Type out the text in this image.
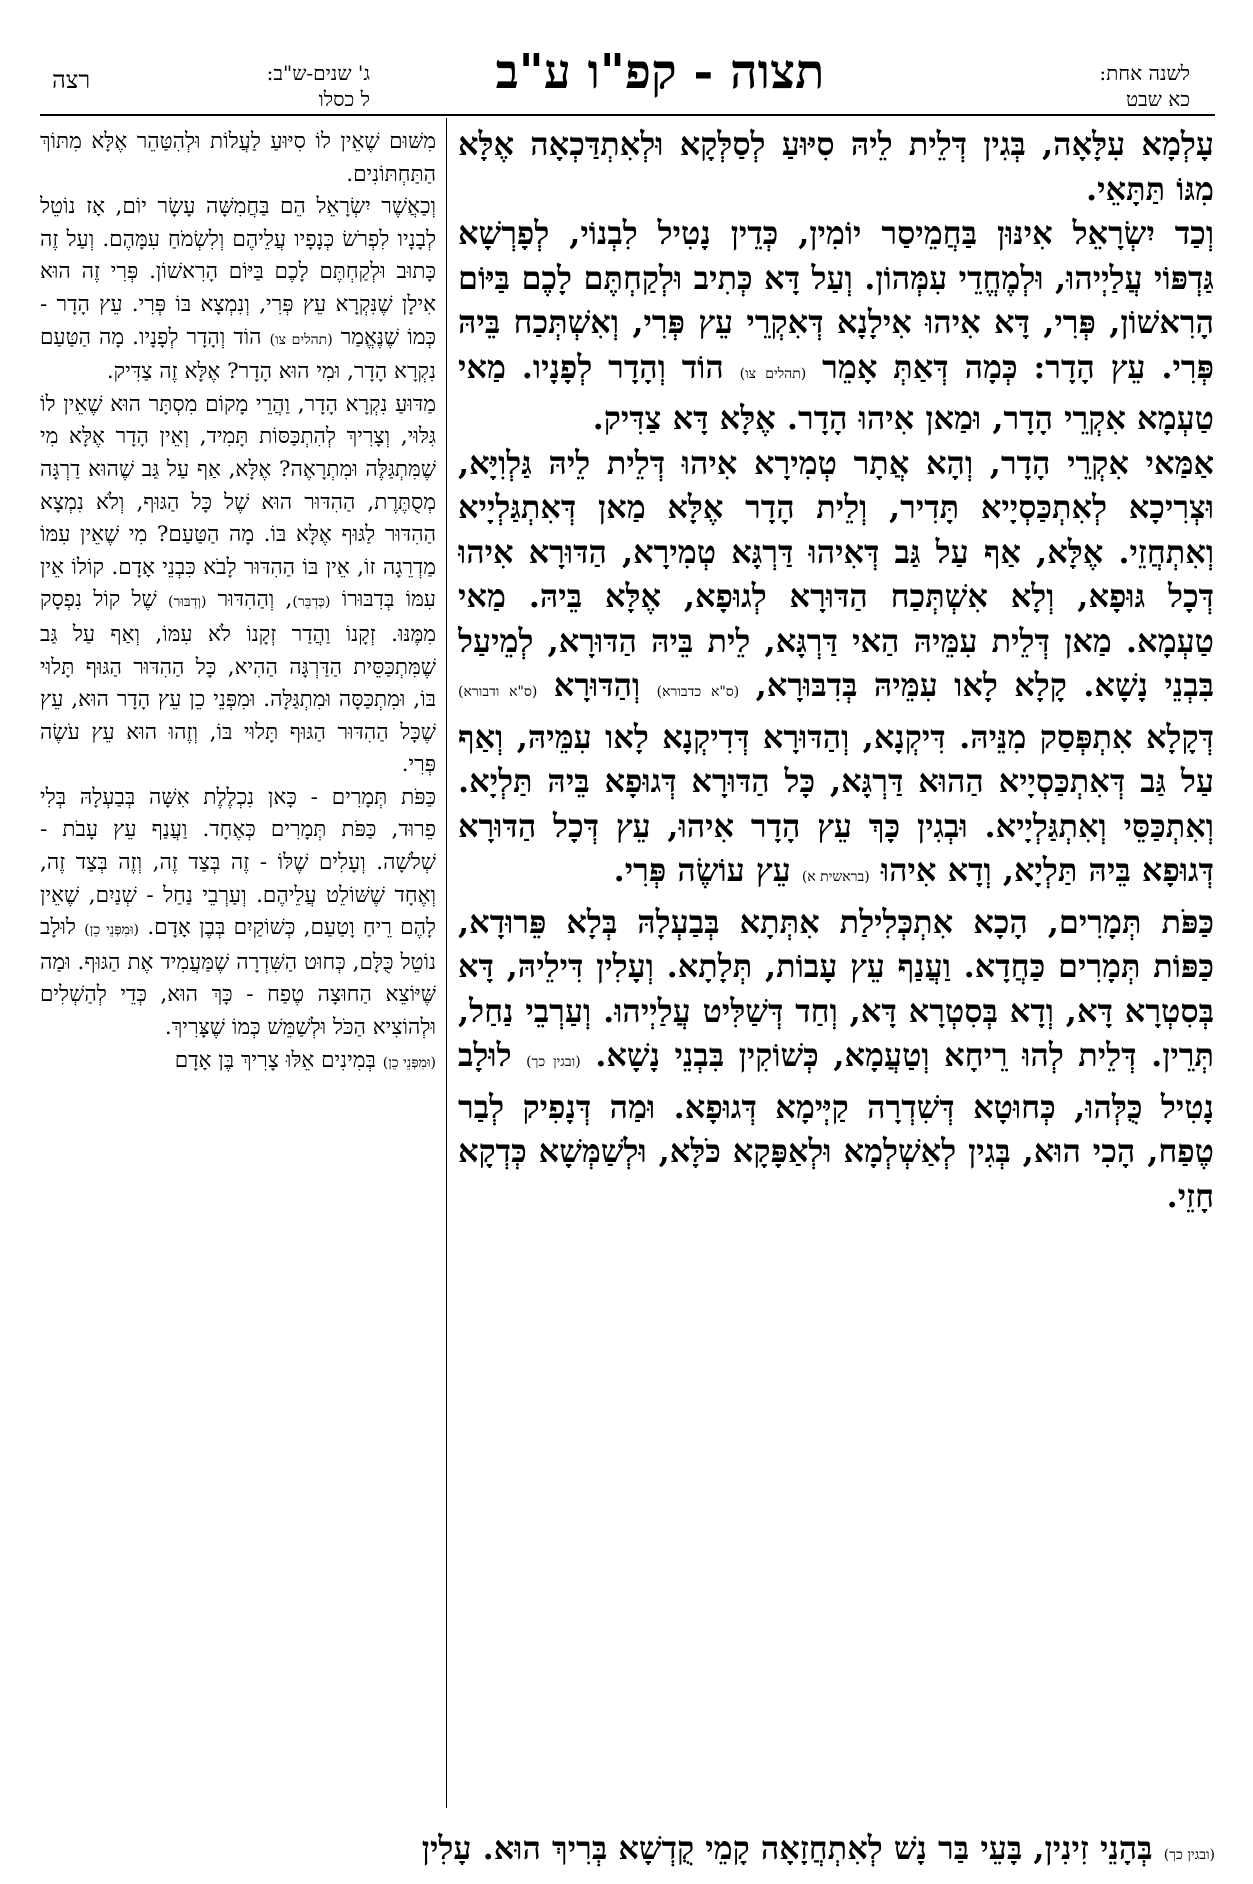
רצה	ג' שנים-ש"ב:
ל כסלו	תצוה - קפ"ו ע"ב	לשנה אחת:
כא שבט

עָלְמָא עִלָּאָה, בְּגִין דְּלֵית לֵיהּ סִיּוּעַ לְסַלְּקָא וּלְאִתְדַּכְאָה אֶלָּא מִגּוֹ תַּתָּאֵי.

וְכַד יִשְׂרָאֵל אִינּוּן בַּחֲמֵיסַר יוֹמִין, כְּדֵין נָטִיל לִבְנוֹי, לְפָרְשָׁא גַּדְפּוֹי עֲלַיְיהוּ, וּלְמֶחֱדֵי עִמְּהוֹן. וְעַל דָּא כְּתִיב וּלְקַחְתֶּם לָכֶם בַּיּוֹם הָרִאשׁוֹן, פְּרִי, דָּא אִיהוּ אִילָנָא דְּאִקְרֵי עֵץ פְּרִי, וְאִשְׁתְּכַח בֵּיהּ פְּרִי. עֵץ הָדָר: כְּמָה דְּאַתְּ אָמֵר (תהלים צו) הוֹד וְהָדָר לְפָנָיו. מַאי טַעְמָא אִקְרֵי הָדָר, וּמַאן אִיהוּ הָדָר. אֶלָּא דָּא צַדִּיק.

אַמַּאי אִקְרֵי הָדָר, וְהָא אֲתָר טְמִירָא אִיהוּ דְּלֵית לֵיהּ גַּלְוִיָּא, וּצְרִיכָא לְאִתְכַּסְיָיא תָּדִיר, וְלֵית הָדָר אֶלָּא מַאן דְּאִתְגַּלְיָיא וְאִתְחֲזֵי. אֶלָּא, אַף עַל גַּב דְּאִיהוּ דַּרְגָּא טְמִירָא, הַדּוּרָא אִיהוּ דְּכָל גּוּפָא, וְלָא אִשְׁתְּכַח הַדּוּרָא לְגוּפָא, אֶלָּא בֵּיהּ. מַאי טַעְמָא. מַאן דְּלֵית עִמֵּיהּ הַאי דַּרְגָּא, לֵית בֵּיהּ הַדּוּרָא, לְמֵיעַל בִּבְנֵי נָשָׁא. קָלָא לָאו עִמֵּיהּ בְּדִבּוּרָא, (ס"א כדבורא) וְהַדּוּרָא (ס"א ודבורא) דְּקָלָא אִתְפְּסַק מִנֵּיהּ. דִּיקְנָא, וְהַדּוּרָא דְּדִיקְנָא לָאו עִמֵּיהּ, וְאַף עַל גַּב דְּאִתְכַּסְיָיא הַהוּא דַּרְגָּא, כָּל הַדּוּרָא דְּגוּפָא בֵּיהּ תַּלְיָא. וְאִתְכַּסֵּי וְאִתְגַּלְיָיא. וּבְגִין כָּךְ עֵץ הָדָר אִיהוּ, עֵץ דְּכָל הַדּוּרָא דְּגוּפָא בֵּיהּ תַּלְיָא, וְדָא אִיהוּ (בראשית א) עֵץ עוֹשֶׂה פְּרִי.

כַּפֹּת תְּמָרִים, הָכָא אִתְכְּלִילַת אִתְּתָא בְּבַעְלָהּ בְּלָא פֵּרוּדָא, כַּפּוֹת תְּמָרִים כַּחֲדָא. וַעֲנַף עֵץ עָבוֹת, תְּלָתָא. וְעָלִין דִּילֵיהּ, דָּא בְּסִטְרָא דָּא, וְדָא בְּסִטְרָא דָּא, וְחַד דְּשַׁלִּיט עֲלַיְיהוּ. וְעַרְבֵי נַחַל, תְּרֵין. דְּלֵית לְהוּ רֵיחָא וְטַעֲמָא, כְּשׁוֹקִין בִּבְנֵי נָשָׁא. (ובגין כך) לוּלָב נָטִיל כֻּלְּהוּ, כְּחוּטָא דְּשִׁדְרָה קַיְּימָא דְּגוּפָא. וּמַה דְּנָפִיק לְבַר טֶפַח, הָכִי הוּא, בְּגִין לְאַשְׁלְמָא וּלְאַפָּקָא כֹּלָּא, וּלְשַׁמְּשָׁא כְּדְקָא חָזֵי.

מִשּׁוּם שֶׁאֵין לוֹ סִיּוּעַ לַעֲלוֹת וּלְהִטַּהֵר אֶלָּא מִתּוֹךְ הַתַּחְתּוֹנִים.

וְכַאֲשֶׁר יִשְׂרָאֵל הֵם בַּחֲמִשָּׁה עָשָׂר יוֹם, אָז נוֹטֵל לְבָנָיו לִפְרֹשׂ כְּנָפָיו עֲלֵיהֶם וְלִשְׂמֹחַ עִמָּהֶם. וְעַל זֶה כָּתוּב וּלְקַחְתֶּם לָכֶם בַּיּוֹם הָרִאשׁוֹן. פְּרִי זֶה הוּא אִילָן שֶׁנִּקְרָא עֵץ פְּרִי, וְנִמְצָא בּוֹ פְּרִי. עֵץ הָדָר - כְּמוֹ שֶׁנֶּאֱמַר (תהלים צו) הוֹד וְהָדָר לְפָנָיו. מָה הַטַּעַם נִקְרָא הָדָר, וּמִי הוּא הָדָר? אֶלָּא זֶה צַדִּיק.

מַדּוּעַ נִקְרָא הָדָר, וַהֲרֵי מָקוֹם מִסְתָּר הוּא שֶׁאֵין לוֹ גִּלּוּי, וְצָרִיךְ לְהִתְכַּסּוֹת תָּמִיד, וְאֵין הָדָר אֶלָּא מִי שֶׁמִּתְגַּלֶּה וּמִתְרָאֶה? אֶלָּא, אַף עַל גַּב שֶׁהוּא דַרְגָּה מְסֻתֶּרֶת, הַהִדּוּר הוּא שֶׁל כָּל הַגּוּף, וְלֹא נִמְצָא הַהִדּוּר לַגּוּף אֶלָּא בּוֹ. מָה הַטַּעַם? מִי שֶׁאֵין עִמּוֹ מַדְרֵגָה זוֹ, אֵין בּוֹ הַהִדּוּר לָבֹא כִּבְנֵי אָדָם. קוֹלוֹ אֵין עִמּוֹ בְּדִבּוּרוֹ (כְּדִבֵּר), וְהַהִדּוּר (וְדִבּוּר) שֶׁל קוֹל נִפְסָק מִמֶּנּוּ. זְקָנוֹ וַהֲדַר זְקָנוֹ לֹא עִמּוֹ, וְאַף עַל גַּב שֶׁמִּתְכַּסֵּית הַדַּרְגָּה הַהִיא, כָּל הַהִדּוּר הַגּוּף תָּלוּי בּוֹ, וּמִתְכַּסָּה וּמִתְגַּלָּה. וּמִפְּנֵי כֵן עֵץ הָדָר הוּא, עֵץ שֶׁכָּל הַהִדּוּר הַגּוּף תָּלוּי בּוֹ, וְזֶהוּ הוּא עֵץ עֹשֶׂה פְּרִי.

כַּפֹּת תְּמָרִים - כָּאן נִכְלֶלֶת אִשָּׁה בְּבַעְלָהּ בְּלִי פֵרוּד, כַּפֹּת תְּמָרִים כְּאֶחָד. וַעֲנַף עֵץ עָבֹת - שְׁלֹשָׁה. וְעָלִים שֶׁלּוֹ - זֶה בְּצַד זֶה, וְזֶה בְּצַד זֶה, וְאֶחָד שֶׁשּׁוֹלֵט עֲלֵיהֶם. וְעַרְבֵי נַחַל - שְׁנַיִם, שֶׁאֵין לָהֶם רֵיחַ וָטַעַם, כְּשׁוֹקַיִם בְּבֶן אָדָם. (וּמִפְּנֵי כֵן) לוּלָב נוֹטֵל כֻּלָּם, כְּחוּט הַשִּׁדְרָה שֶׁמַּעֲמִיד אֶת הַגּוּף. וּמַה שֶּׁיּוֹצֵא הַחוּצָה טֶפַח - כָּךְ הוּא, כְּדֵי לְהַשְׁלִים וּלְהוֹצִיא הַכֹּל וּלְשַׁמֵּשׁ כְּמוֹ שֶׁצָּרִיךְ.

(וּמִפְּנֵי כֵן) בְּמִינִים אֵלּוּ צָרִיךְ בֶּן אָדָם

(ובגין כך) בְּהָנֵי זִינִין, בָּעֵי בַּר נָשׁ לְאִתְחֲזָאָה קָמֵי קֻדְשָׁא בְּרִיךְ הוּא. עָלִין
